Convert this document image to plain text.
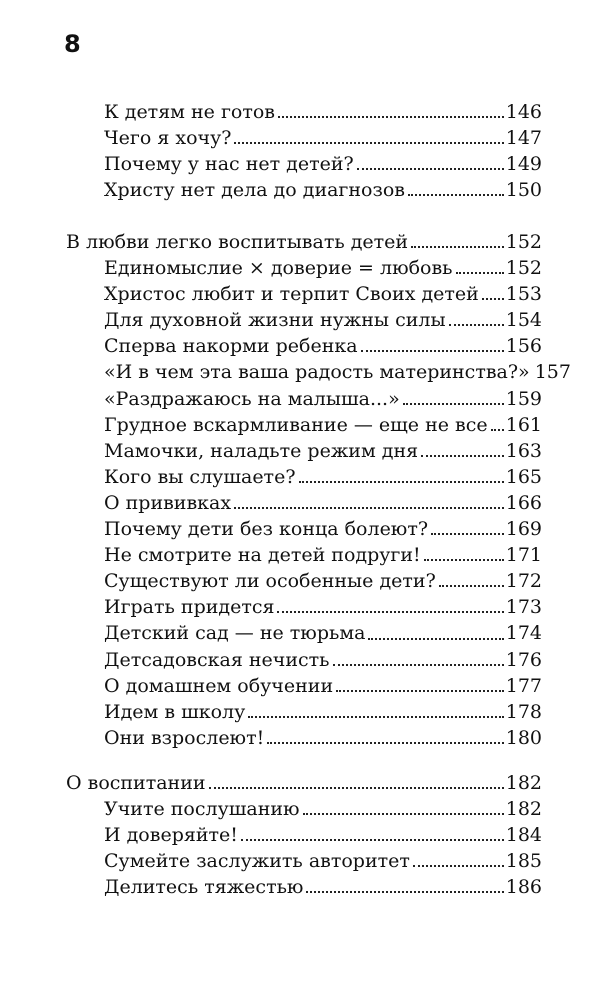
8
К детям не готов	146
Чего я хочу?	147
Почему у нас нет детей?	149
Христу нет дела до диагнозов	150
В любви легко воспитывать детей	152
Единомыслие × доверие = любовь	152
Христос любит и терпит Своих детей 153
Для духовной жизни нужны силы	154
Сперва накорми ребенка	156
«И в чем эта ваша радость материнства?» 157
«Раздражаюсь на малыша...»	159
Грудное вскармливание — еще не все 161
Мамочки, наладьте режим дня	163
Кого вы слушаете?	165
О прививках	166
Почему дети без конца болеют?	169
Не смотрите на детей подруги!	171
Существуют ли особенные дети?	172
Играть придется	173
Детский сад — не тюрьма	174
Детсадовская нечисть	176
О домашнем обучении	177
Идем в школу	178
Они взрослеют!	180
О воспитании	182
Учите послушанию	182
И доверяйте!	184
Сумейте заслужить авторитет	185
Делитесь тяжестью	186
